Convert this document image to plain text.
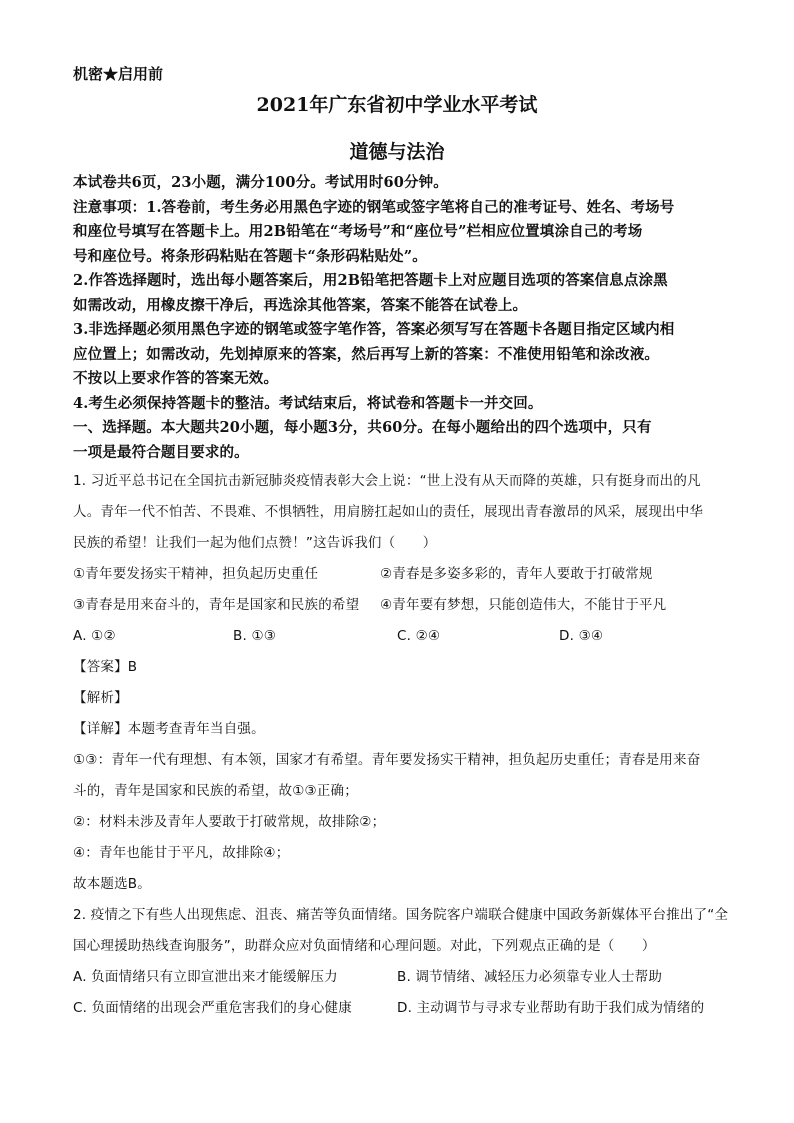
机密★启用前
2021年广东省初中学业水平考试
道德与法治
本试卷共6页，23小题，满分100分。考试用时60分钟。
注意事项：1.答卷前，考生务必用黑色字迹的钢笔或签字笔将自己的准考证号、姓名、考场号
和座位号填写在答题卡上。用2B铅笔在“考场号”和“座位号”栏相应位置填涂自己的考场
号和座位号。将条形码粘贴在答题卡“条形码粘贴处”。
2.作答选择题时，选出每小题答案后，用2B铅笔把答题卡上对应题目选项的答案信息点涂黑
如需改动，用橡皮擦干净后，再选涂其他答案，答案不能答在试卷上。
3.非选择题必须用黑色字迹的钢笔或签字笔作答，答案必须写写在答题卡各题目指定区域内相
应位置上；如需改动，先划掉原来的答案，然后再写上新的答案：不准使用铅笔和涂改液。
不按以上要求作答的答案无效。
4.考生必须保持答题卡的整洁。考试结束后，将试卷和答题卡一并交回。
一、选择题。本大题共20小题，每小题3分，共60分。在每小题给出的四个选项中，只有
一项是最符合题目要求的。
1. 习近平总书记在全国抗击新冠肺炎疫情表彰大会上说：“世上没有从天而降的英雄，只有挺身而出的凡
人。青年一代不怕苦、不畏难、不惧牺牲，用肩膀扛起如山的责任，展现出青春激昂的风采，展现出中华
民族的希望！让我们一起为他们点赞！”这告诉我们（　　）
①青年要发扬实干精神，担负起历史重任	②青春是多姿多彩的，青年人要敢于打破常规
③青春是用来奋斗的，青年是国家和民族的希望 ④青年要有梦想，只能创造伟大，不能甘于平凡
A. ①②	B. ①③	C. ②④	D. ③④
【答案】B
【解析】
【详解】本题考查青年当自强。
①③：青年一代有理想、有本领，国家才有希望。青年要发扬实干精神，担负起历史重任；青春是用来奋
斗的，青年是国家和民族的希望，故①③正确；
②：材料未涉及青年人要敢于打破常规，故排除②；
④：青年也能甘于平凡，故排除④；
故本题选B。
2. 疫情之下有些人出现焦虑、沮丧、痛苦等负面情绪。国务院客户端联合健康中国政务新媒体平台推出了“全
国心理援助热线查询服务”，助群众应对负面情绪和心理问题。对此，下列观点正确的是（　　）
A. 负面情绪只有立即宣泄出来才能缓解压力	B. 调节情绪、减轻压力必须靠专业人士帮助
C. 负面情绪的出现会严重危害我们的身心健康	D. 主动调节与寻求专业帮助有助于我们成为情绪的
